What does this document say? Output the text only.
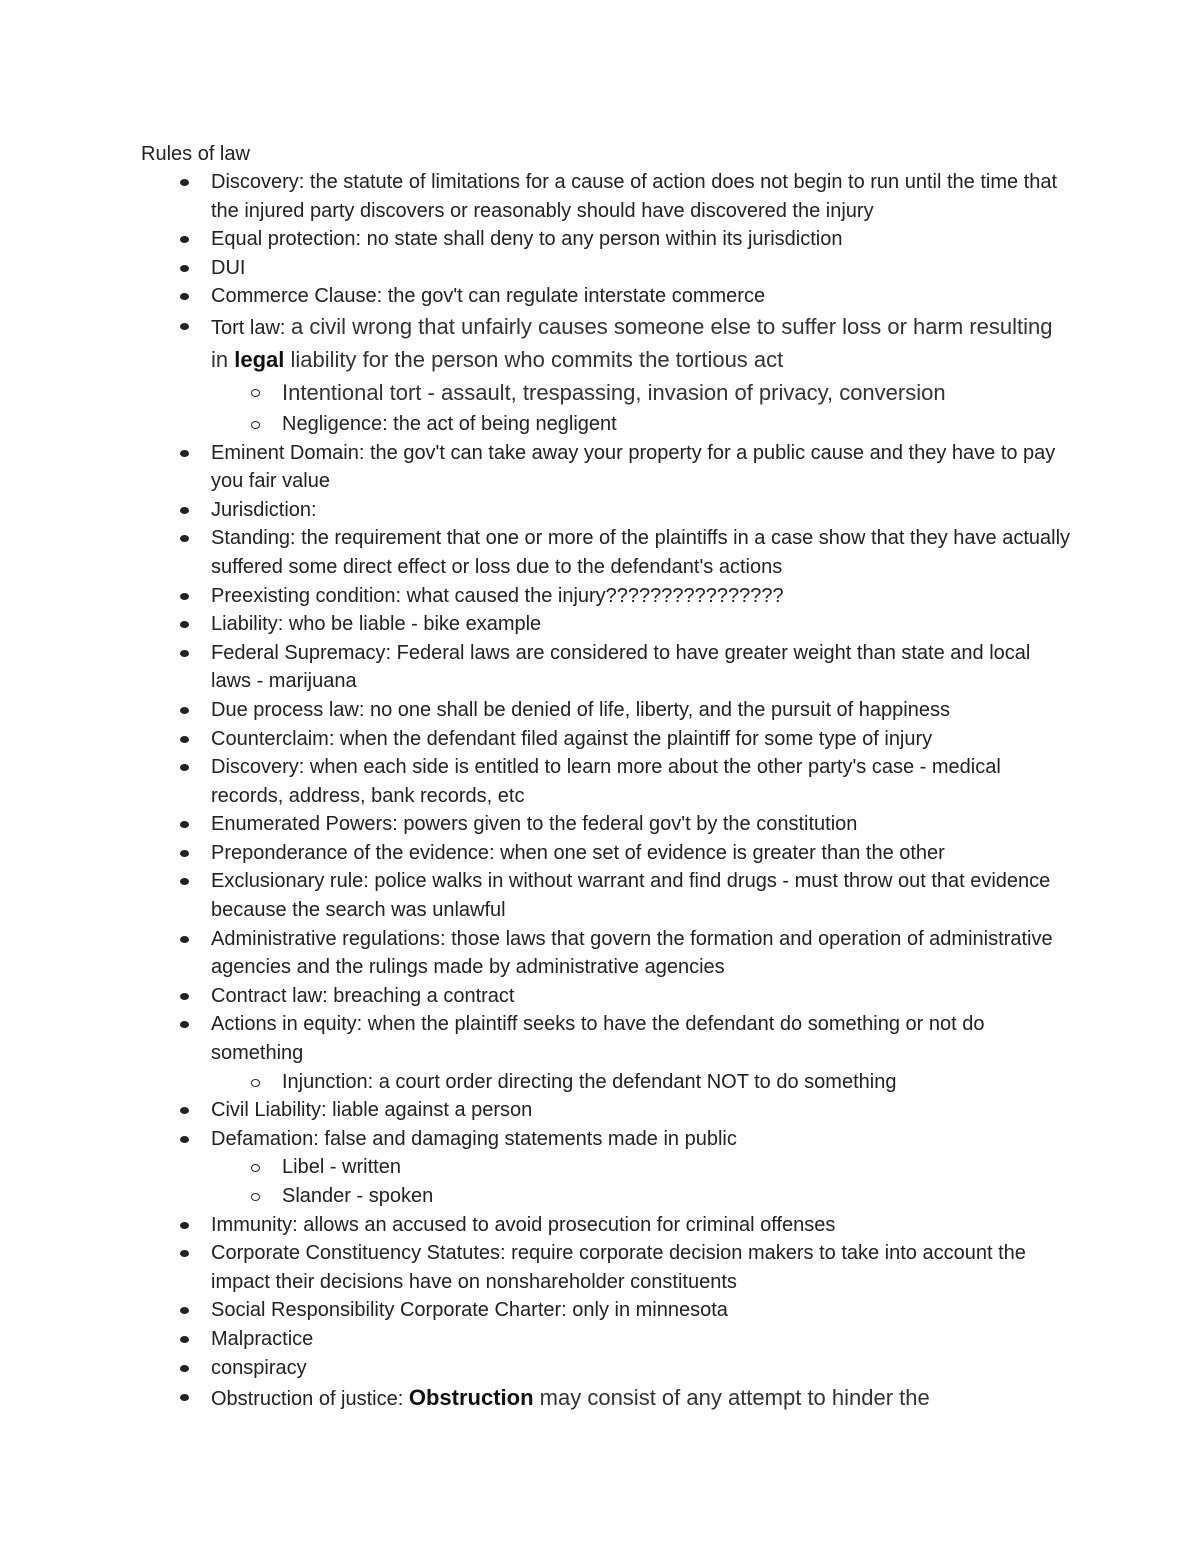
Rules of law

Discovery: the statute of limitations for a cause of action does not begin to run until the time that the injured party discovers or reasonably should have discovered the injury
Equal protection: no state shall deny to any person within its jurisdiction
DUI
Commerce Clause: the gov't can regulate interstate commerce
Tort law: a civil wrong that unfairly causes someone else to suffer loss or harm resulting in legal liability for the person who commits the tortious act
Intentional tort - assault, trespassing, invasion of privacy, conversion
Negligence: the act of being negligent
Eminent Domain: the gov't can take away your property for a public cause and they have to pay you fair value
Jurisdiction:
Standing: the requirement that one or more of the plaintiffs in a case show that they have actually suffered some direct effect or loss due to the defendant's actions
Preexisting condition: what caused the injury????????????????
Liability: who be liable - bike example
Federal Supremacy: Federal laws are considered to have greater weight than state and local laws - marijuana
Due process law: no one shall be denied of life, liberty, and the pursuit of happiness
Counterclaim: when the defendant filed against the plaintiff for some type of injury
Discovery: when each side is entitled to learn more about the other party's case - medical records, address, bank records, etc
Enumerated Powers: powers given to the federal gov't by the constitution
Preponderance of the evidence: when one set of evidence is greater than the other
Exclusionary rule: police walks in without warrant and find drugs - must throw out that evidence because the search was unlawful
Administrative regulations: those laws that govern the formation and operation of administrative agencies and the rulings made by administrative agencies
Contract law: breaching a contract
Actions in equity: when the plaintiff seeks to have the defendant do something or not do something
Injunction: a court order directing the defendant NOT to do something
Civil Liability: liable against a person
Defamation: false and damaging statements made in public
Libel - written
Slander - spoken
Immunity: allows an accused to avoid prosecution for criminal offenses
Corporate Constituency Statutes: require corporate decision makers to take into account the impact their decisions have on nonshareholder constituents
Social Responsibility Corporate Charter: only in minnesota
Malpractice
conspiracy
Obstruction of justice: Obstruction may consist of any attempt to hinder the
